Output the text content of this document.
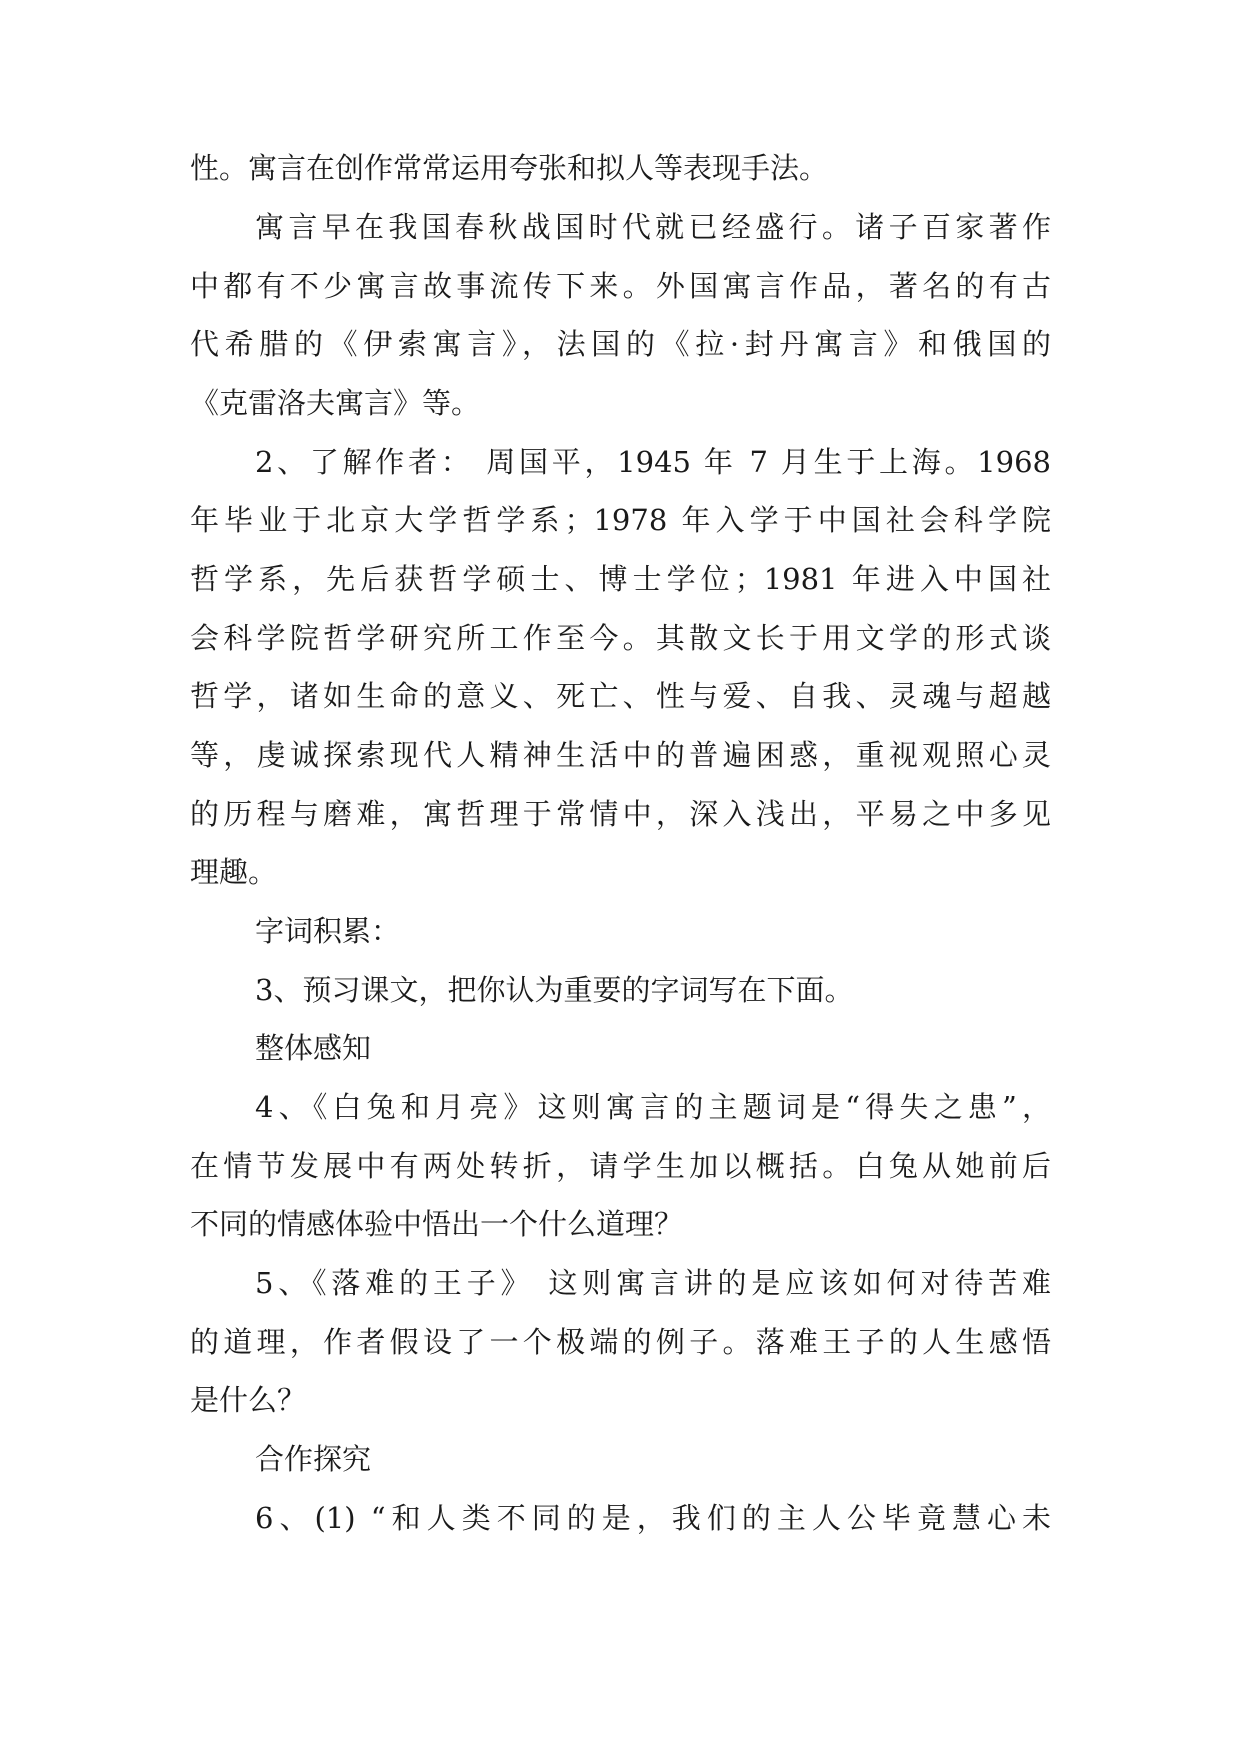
性。寓言在创作常常运用夸张和拟人等表现手法。
寓言早在我国春秋战国时代就已经盛行。诸子百家著作
中都有不少寓言故事流传下来。外国寓言作品，著名的有古
代希腊的《伊索寓言》，法国的《拉·封丹寓言》和俄国的
《克雷洛夫寓言》等。
2、了解作者： 周国平，1945 年 7 月生于上海。1968
年毕业于北京大学哲学系；1978 年入学于中国社会科学院
哲学系，先后获哲学硕士、博士学位；1981 年进入中国社
会科学院哲学研究所工作至今。其散文长于用文学的形式谈
哲学，诸如生命的意义、死亡、性与爱、自我、灵魂与超越
等，虔诚探索现代人精神生活中的普遍困惑，重视观照心灵
的历程与磨难，寓哲理于常情中，深入浅出，平易之中多见
理趣。
字词积累：
3、预习课文，把你认为重要的字词写在下面。
整体感知
4、《白兔和月亮》这则寓言的主题词是“得失之患”，
在情节发展中有两处转折，请学生加以概括。白兔从她前后
不同的情感体验中悟出一个什么道理？
5、《落难的王子》 这则寓言讲的是应该如何对待苦难
的道理，作者假设了一个极端的例子。落难王子的人生感悟
是什么？
合作探究
6、(1) “和人类不同的是，我们的主人公毕竟慧心未
